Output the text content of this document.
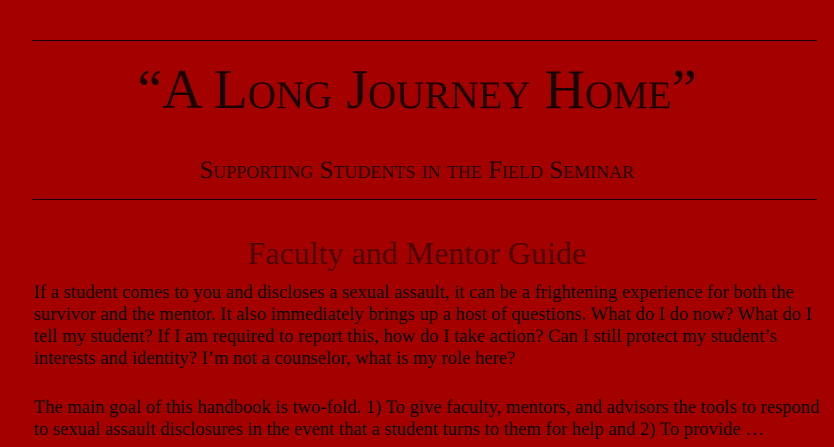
“A Long Journey Home”
Supporting Students in the Field Seminar
Faculty and Mentor Guide

If a student comes to you and discloses a sexual assault, it can be a frightening experience for both the survivor and the mentor. It also immediately brings up a host of questions. What do I do now? What do I tell my student? If I am required to report this, how do I take action? Can I still protect my student’s interests and identity? I’m not a counselor, what is my role here?

The main goal of this handbook is two-fold. 1) To give faculty, mentors, and advisors the tools to respond to sexual assault disclosures in the event that a student turns to them for help and 2) To provide …
